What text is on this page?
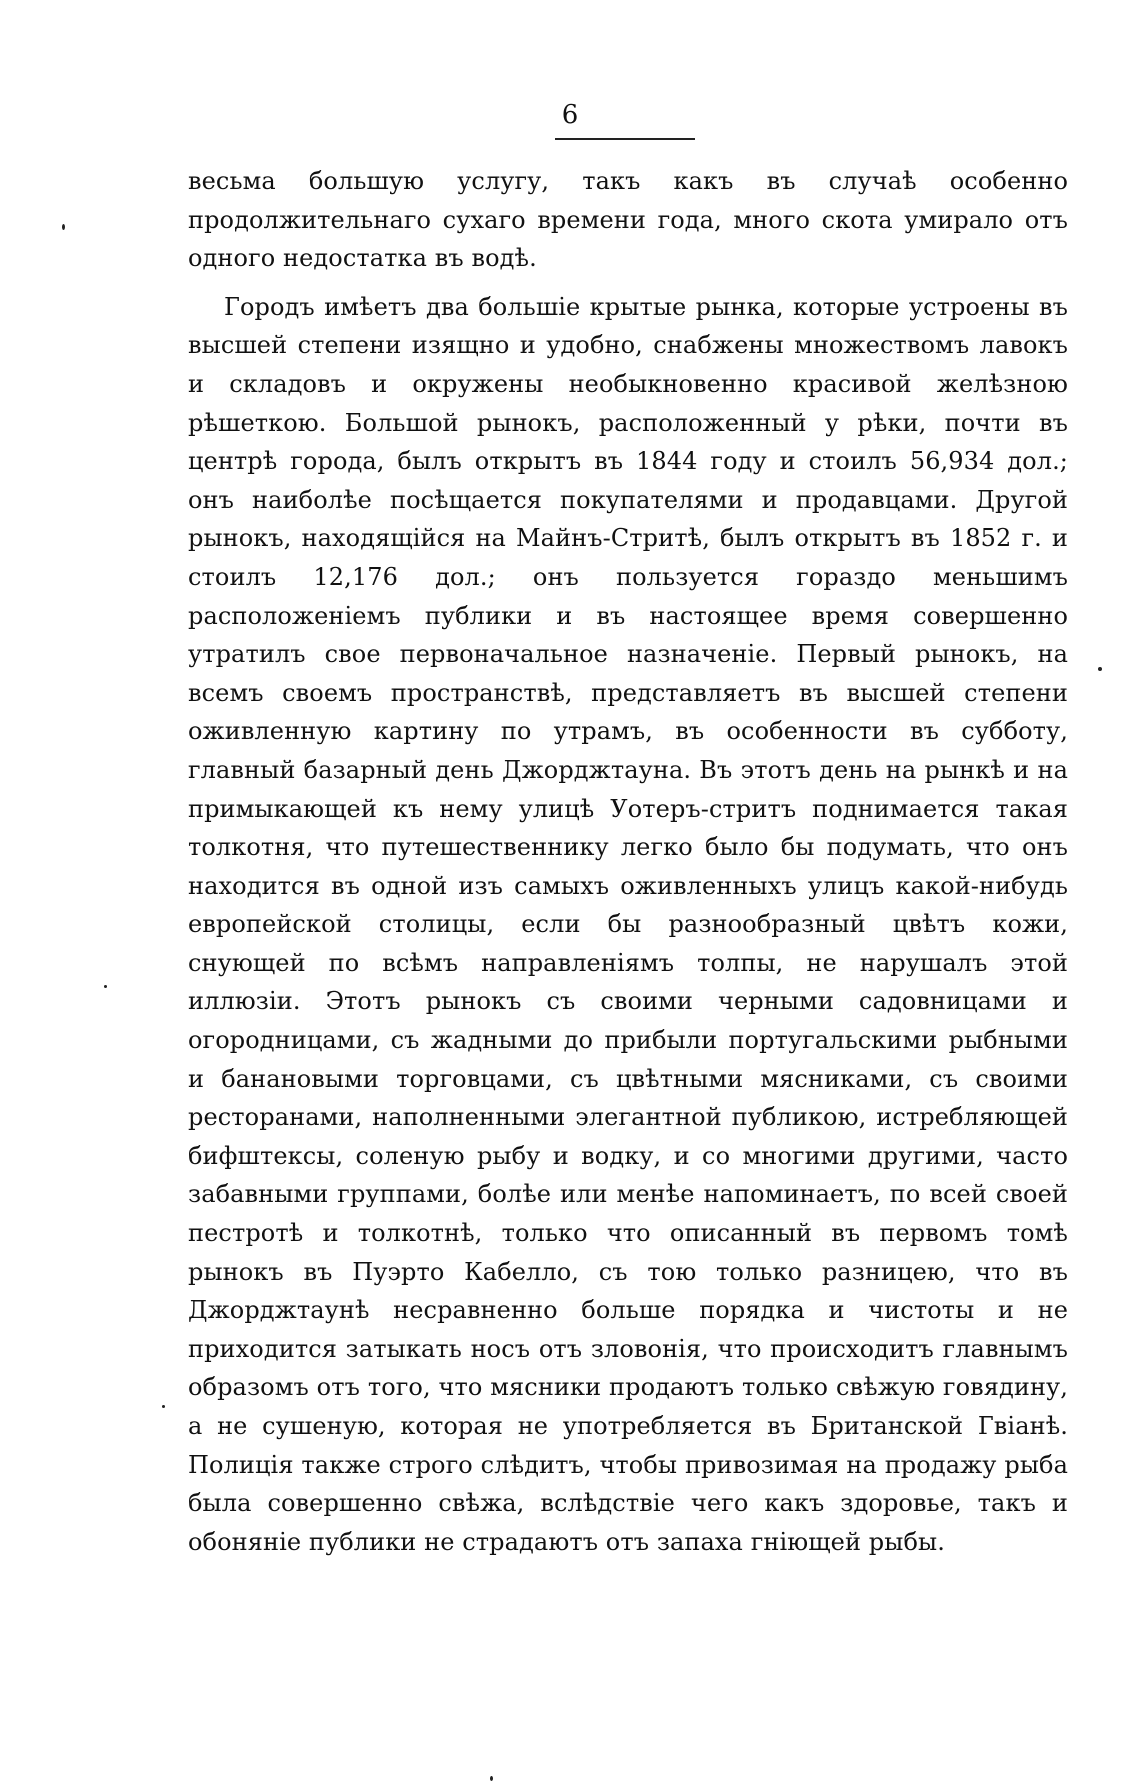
6

весьма большую услугу, такъ какъ въ случаѣ особенно продолжительнаго сухаго времени года, много скота умирало отъ одного недостатка въ водѣ.

Городъ имѣетъ два большіе крытые рынка, которые устроены въ высшей степени изящно и удобно, снабжены множествомъ лавокъ и складовъ и окружены необыкновенно красивой желѣзною рѣшеткою. Большой рынокъ, расположенный у рѣки, почти въ центрѣ города, былъ открытъ въ 1844 году и стоилъ 56,934 дол.; онъ наиболѣе посѣщается покупателями и продавцами. Другой рынокъ, находящійся на Майнъ-Стритѣ, былъ открытъ въ 1852 г. и стоилъ 12,176 дол.; онъ пользуется гораздо меньшимъ расположеніемъ публики и въ настоящее время совершенно утратилъ свое первоначальное назначеніе. Первый рынокъ, на всемъ своемъ пространствѣ, представляетъ въ высшей степени оживленную картину по утрамъ, въ особенности въ субботу, главный базарный день Джорджтауна. Въ этотъ день на рынкѣ и на примыкающей къ нему улицѣ Уотеръ-стритъ поднимается такая толкотня, что путешественнику легко было бы подумать, что онъ находится въ одной изъ самыхъ оживленныхъ улицъ какой-нибудь европейской столицы, если бы разнообразный цвѣтъ кожи, снующей по всѣмъ направленіямъ толпы, не нарушалъ этой иллюзіи. Этотъ рынокъ съ своими черными садовницами и огородницами, съ жадными до прибыли португальскими рыбными и банановыми торговцами, съ цвѣтными мясниками, съ своими ресторанами, наполненными элегантной публикою, истребляющей бифштексы, соленую рыбу и водку, и со многими другими, часто забавными группами, болѣе или менѣе напоминаетъ, по всей своей пестротѣ и толкотнѣ, только что описанный въ первомъ томѣ рынокъ въ Пуэрто Кабелло, съ тою только разницею, что въ Джорджтаунѣ несравненно больше порядка и чистоты и не приходится затыкать носъ отъ зловонія, что происходитъ главнымъ образомъ отъ того, что мясники продаютъ только свѣжую говядину, а не сушеную, которая не употребляется въ Британской Гвіанѣ. Полиція также строго слѣдитъ, чтобы привозимая на продажу рыба была совершенно свѣжа, вслѣдствіе чего какъ здоровье, такъ и обоняніе публики не страдаютъ отъ запаха гніющей рыбы.
